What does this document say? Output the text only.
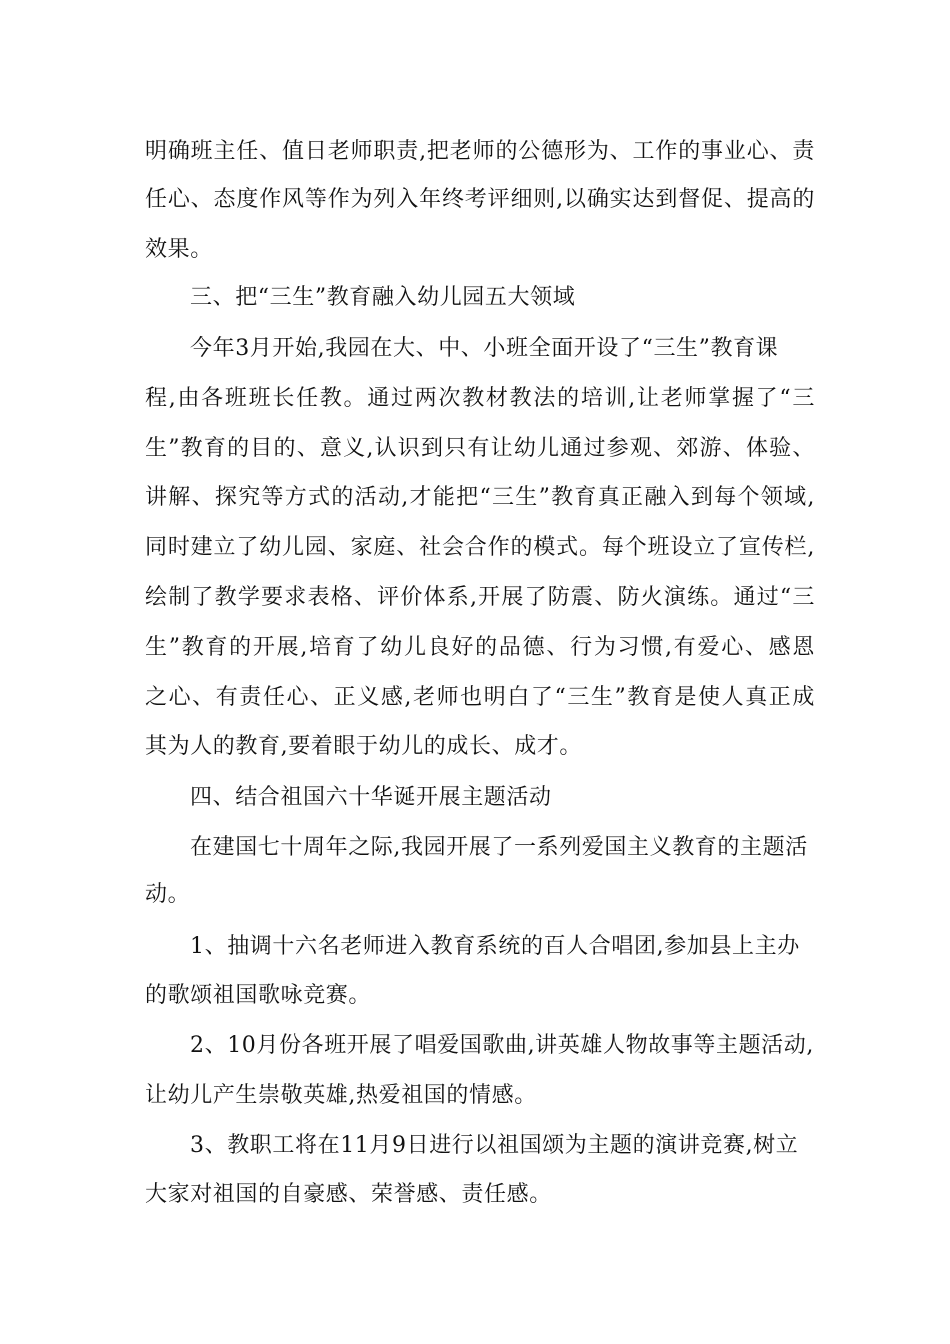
明确班主任、值日老师职责,把老师的公德形为、工作的事业心、责
任心、态度作风等作为列入年终考评细则,以确实达到督促、提高的
效果。
三、把“三生”教育融入幼儿园五大领域
今年3月开始,我园在大、中、小班全面开设了“三生”教育课
程,由各班班长任教。通过两次教材教法的培训,让老师掌握了“三
生”教育的目的、意义,认识到只有让幼儿通过参观、郊游、体验、
讲解、探究等方式的活动,才能把“三生”教育真正融入到每个领域,
同时建立了幼儿园、家庭、社会合作的模式。每个班设立了宣传栏,
绘制了教学要求表格、评价体系,开展了防震、防火演练。通过“三
生”教育的开展,培育了幼儿良好的品德、行为习惯,有爱心、感恩
之心、有责任心、正义感,老师也明白了“三生”教育是使人真正成
其为人的教育,要着眼于幼儿的成长、成才。
四、结合祖国六十华诞开展主题活动
在建国七十周年之际,我园开展了一系列爱国主义教育的主题活
动。
1、抽调十六名老师进入教育系统的百人合唱团,参加县上主办
的歌颂祖国歌咏竞赛。
2、10月份各班开展了唱爱国歌曲,讲英雄人物故事等主题活动,
让幼儿产生崇敬英雄,热爱祖国的情感。
3、教职工将在11月9日进行以祖国颂为主题的演讲竞赛,树立
大家对祖国的自豪感、荣誉感、责任感。
